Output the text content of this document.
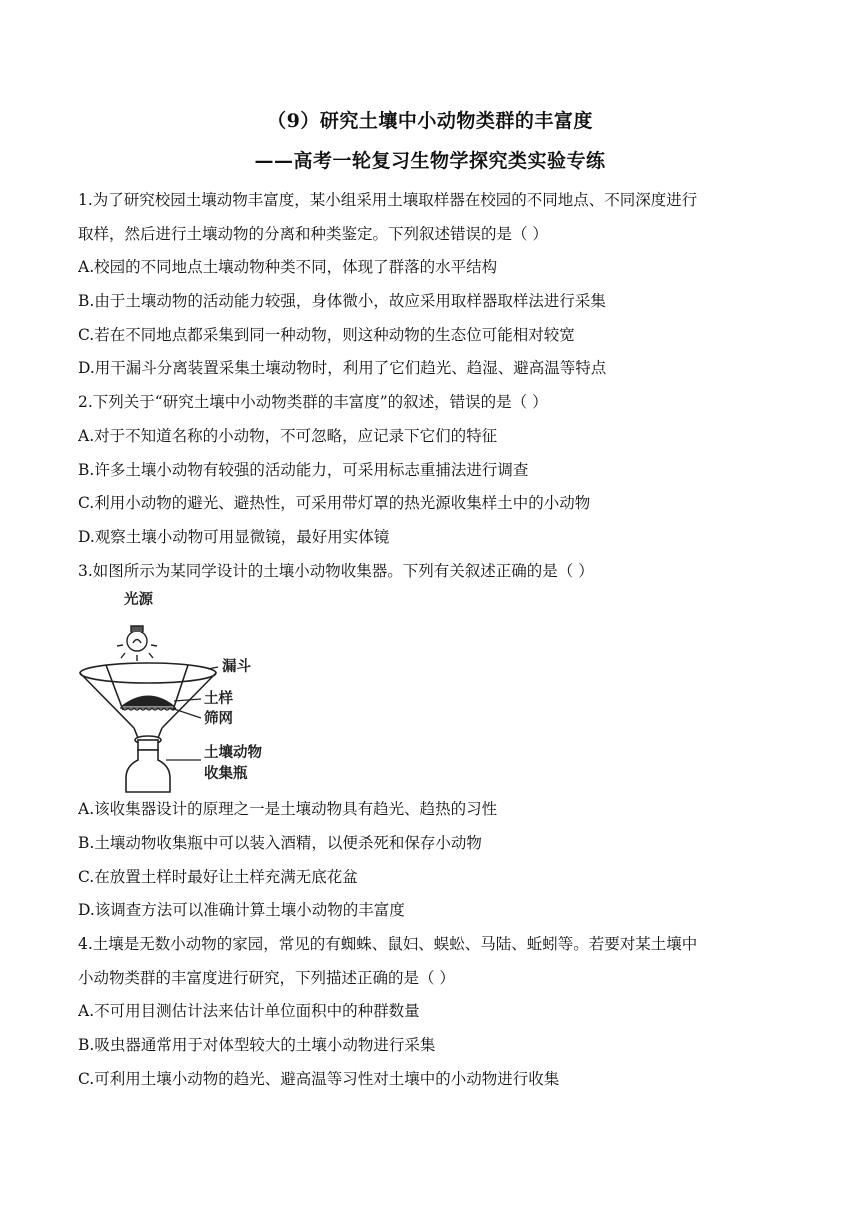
（9）研究土壤中小动物类群的丰富度
——高考一轮复习生物学探究类实验专练
1.为了研究校园土壤动物丰富度，某小组采用土壤取样器在校园的不同地点、不同深度进行
取样，然后进行土壤动物的分离和种类鉴定。下列叙述错误的是（ ）
A.校园的不同地点土壤动物种类不同，体现了群落的水平结构
B.由于土壤动物的活动能力较强，身体微小，故应采用取样器取样法进行采集
C.若在不同地点都采集到同一种动物，则这种动物的生态位可能相对较宽
D.用干漏斗分离装置采集土壤动物时，利用了它们趋光、趋湿、避高温等特点
2.下列关于“研究土壤中小动物类群的丰富度”的叙述，错误的是（ ）
A.对于不知道名称的小动物，不可忽略，应记录下它们的特征
B.许多土壤小动物有较强的活动能力，可采用标志重捕法进行调查
C.利用小动物的避光、避热性，可采用带灯罩的热光源收集样土中的小动物
D.观察土壤小动物可用显微镜，最好用实体镜
3.如图所示为某同学设计的土壤小动物收集器。下列有关叙述正确的是（ ）
光源
漏斗
土样
筛网
土壤动物
收集瓶
A.该收集器设计的原理之一是土壤动物具有趋光、趋热的习性
B.土壤动物收集瓶中可以装入酒精，以便杀死和保存小动物
C.在放置土样时最好让土样充满无底花盆
D.该调查方法可以准确计算土壤小动物的丰富度
4.土壤是无数小动物的家园，常见的有蜘蛛、鼠妇、蜈蚣、马陆、蚯蚓等。若要对某土壤中
小动物类群的丰富度进行研究，下列描述正确的是（ ）
A.不可用目测估计法来估计单位面积中的种群数量
B.吸虫器通常用于对体型较大的土壤小动物进行采集
C.可利用土壤小动物的趋光、避高温等习性对土壤中的小动物进行收集
